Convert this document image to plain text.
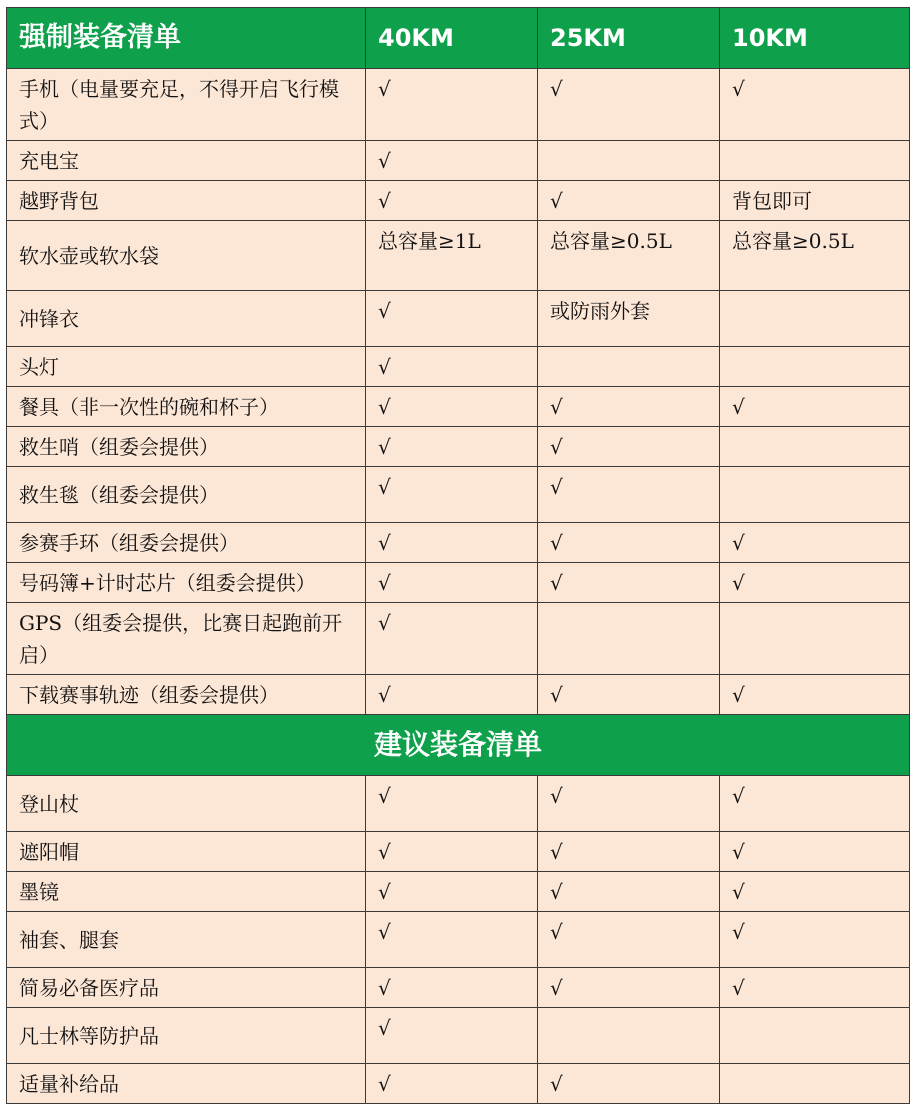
强制装备清单	40KM	25KM	10KM
手机（电量要充足，不得开启飞行模式）	√	√	√
充电宝	√		
越野背包	√	√	背包即可
软水壶或软水袋	总容量≥1L	总容量≥0.5L	总容量≥0.5L
冲锋衣	√	或防雨外套	
头灯	√		
餐具（非一次性的碗和杯子）	√	√	√
救生哨（组委会提供）	√	√	
救生毯（组委会提供）	√	√	
参赛手环（组委会提供）	√	√	√
号码簿+计时芯片（组委会提供）	√	√	√
GPS（组委会提供，比赛日起跑前开启）	√		
下载赛事轨迹（组委会提供）	√	√	√
建议装备清单			
登山杖	√	√	√
遮阳帽	√	√	√
墨镜	√	√	√
袖套、腿套	√	√	√
简易必备医疗品	√	√	√
凡士林等防护品	√		
适量补给品	√	√	
